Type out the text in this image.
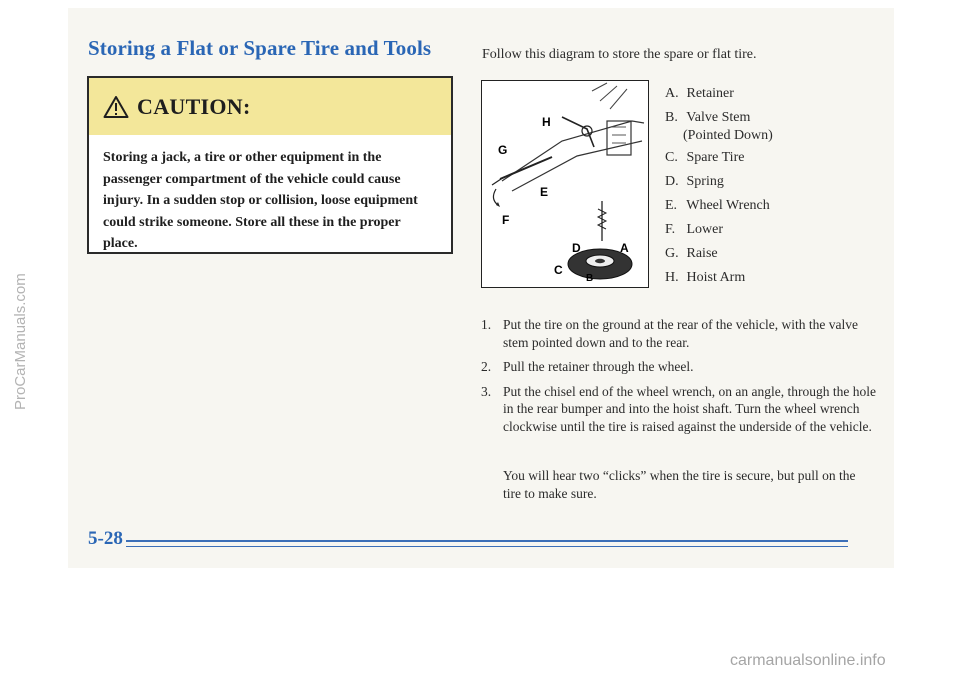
Storing a Flat or Spare Tire and Tools
CAUTION:

Storing a jack, a tire or other equipment in the passenger compartment of the vehicle could cause injury. In a sudden stop or collision, loose equipment could strike someone. Store all these in the proper place.

Follow this diagram to store the spare or flat tire.

H
G
E
F
D	A
C
B
A. Retainer
B. Valve Stem
(Pointed Down)
C. Spare Tire
D. Spring
E. Wheel Wrench
F. Lower
G. Raise
H. Hoist Arm
1. Put the tire on the ground at the rear of the vehicle, with the valve stem pointed down and to the rear.
2. Pull the retainer through the wheel.
3. Put the chisel end of the wheel wrench, on an angle, through the hole in the rear bumper and into the hoist shaft. Turn the wheel wrench clockwise until the tire is raised against the underside of the vehicle.

You will hear two “clicks” when the tire is secure, but pull on the tire to make sure.

5-28
ProCarManuals.com
carmanualsonline.info
